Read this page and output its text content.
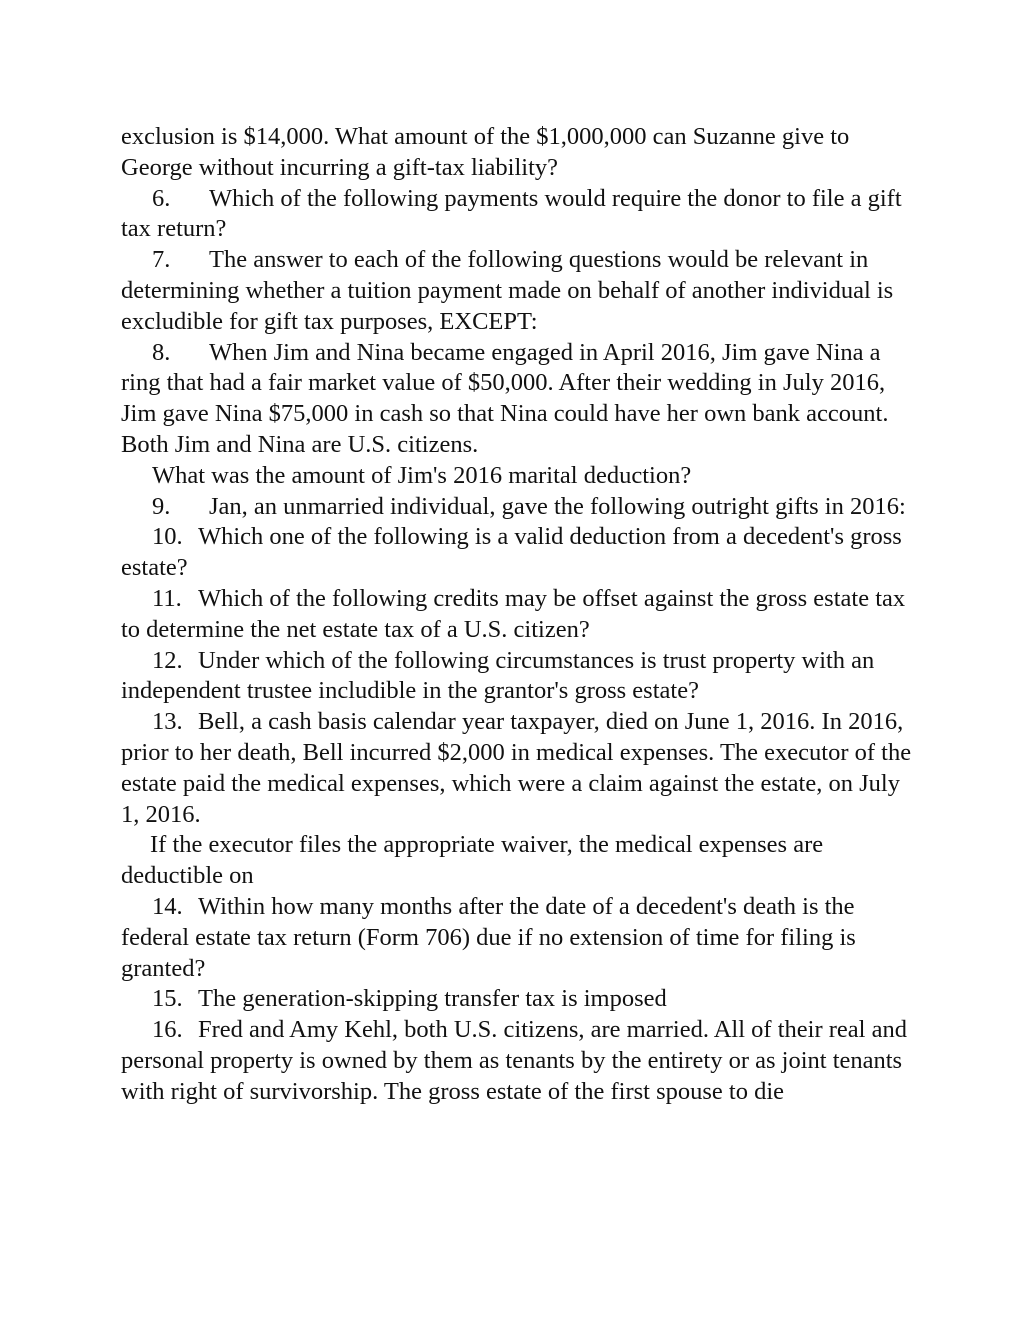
exclusion is $14,000. What amount of the $1,000,000 can Suzanne give to George without incurring a gift-tax liability?

6. Which of the following payments would require the donor to file a gift tax return?

7. The answer to each of the following questions would be relevant in determining whether a tuition payment made on behalf of another individual is excludible for gift tax purposes, EXCEPT:

8. When Jim and Nina became engaged in April 2016, Jim gave Nina a ring that had a fair market value of $50,000. After their wedding in July 2016, Jim gave Nina $75,000 in cash so that Nina could have her own bank account. Both Jim and Nina are U.S. citizens.

What was the amount of Jim's 2016 marital deduction?

9. Jan, an unmarried individual, gave the following outright gifts in 2016:

10. Which one of the following is a valid deduction from a decedent's gross estate?

11. Which of the following credits may be offset against the gross estate tax to determine the net estate tax of a U.S. citizen?

12. Under which of the following circumstances is trust property with an independent trustee includible in the grantor's gross estate?

13. Bell, a cash basis calendar year taxpayer, died on June 1, 2016. In 2016, prior to her death, Bell incurred $2,000 in medical expenses. The executor of the estate paid the medical expenses, which were a claim against the estate, on July 1, 2016.

If the executor files the appropriate waiver, the medical expenses are deductible on

14. Within how many months after the date of a decedent's death is the federal estate tax return (Form 706) due if no extension of time for filing is granted?

15. The generation-skipping transfer tax is imposed

16. Fred and Amy Kehl, both U.S. citizens, are married. All of their real and personal property is owned by them as tenants by the entirety or as joint tenants with right of survivorship. The gross estate of the first spouse to die
